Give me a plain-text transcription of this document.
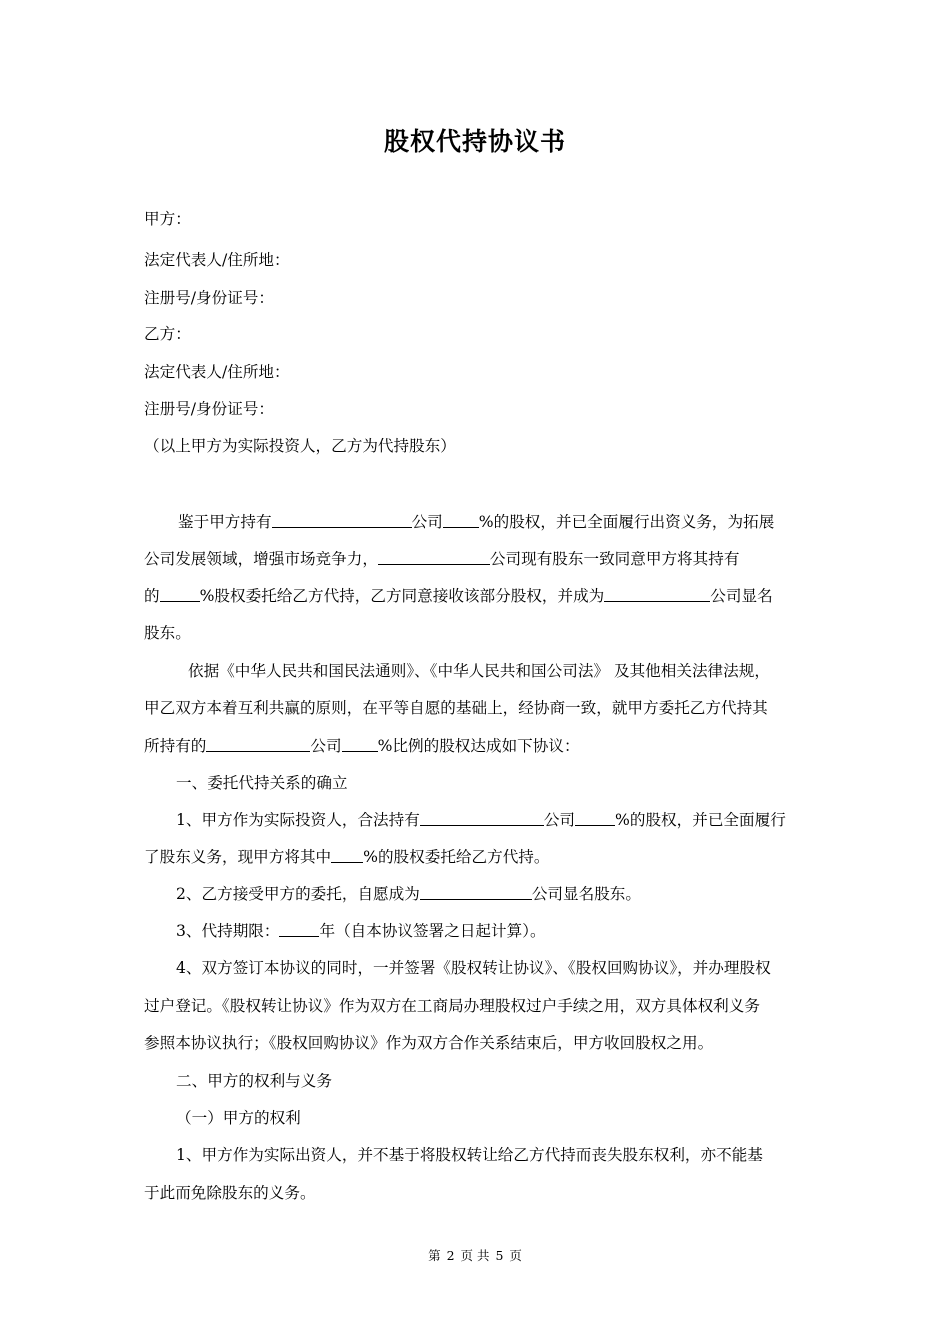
股权代持协议书
甲方：
法定代表人/住所地：
注册号/身份证号：
乙方：
法定代表人/住所地：
注册号/身份证号：
（以上甲方为实际投资人，乙方为代持股东）
鉴于甲方持有	公司 %的股权，并已全面履行出资义务，为拓展
公司发展领域，增强市场竞争力，	公司现有股东一致同意甲方将其持有
的	%股权委托给乙方代持，乙方同意接收该部分股权，并成为	公司显名
股东。
依据《中华人民共和国民法通则》、《中华人民共和国公司法》 及其他相关法律法规，
甲乙双方本着互利共赢的原则，在平等自愿的基础上，经协商一致，就甲方委托乙方代持其
所持有的	公司 %比例的股权达成如下协议：
一、委托代持关系的确立
1、甲方作为实际投资人，合法持有	公司	%的股权，并已全面履行
了股东义务，现甲方将其中 %的股权委托给乙方代持。
2、乙方接受甲方的委托，自愿成为	公司显名股东。
3、代持期限：	年（自本协议签署之日起计算）。
4、双方签订本协议的同时，一并签署《股权转让协议》、《股权回购协议》，并办理股权
过户登记。《股权转让协议》作为双方在工商局办理股权过户手续之用，双方具体权利义务
参照本协议执行；《股权回购协议》作为双方合作关系结束后，甲方收回股权之用。
二、甲方的权利与义务
（一）甲方的权利
1、甲方作为实际出资人，并不基于将股权转让给乙方代持而丧失股东权利，亦不能基
于此而免除股东的义务。
第 2 页 共 5 页
